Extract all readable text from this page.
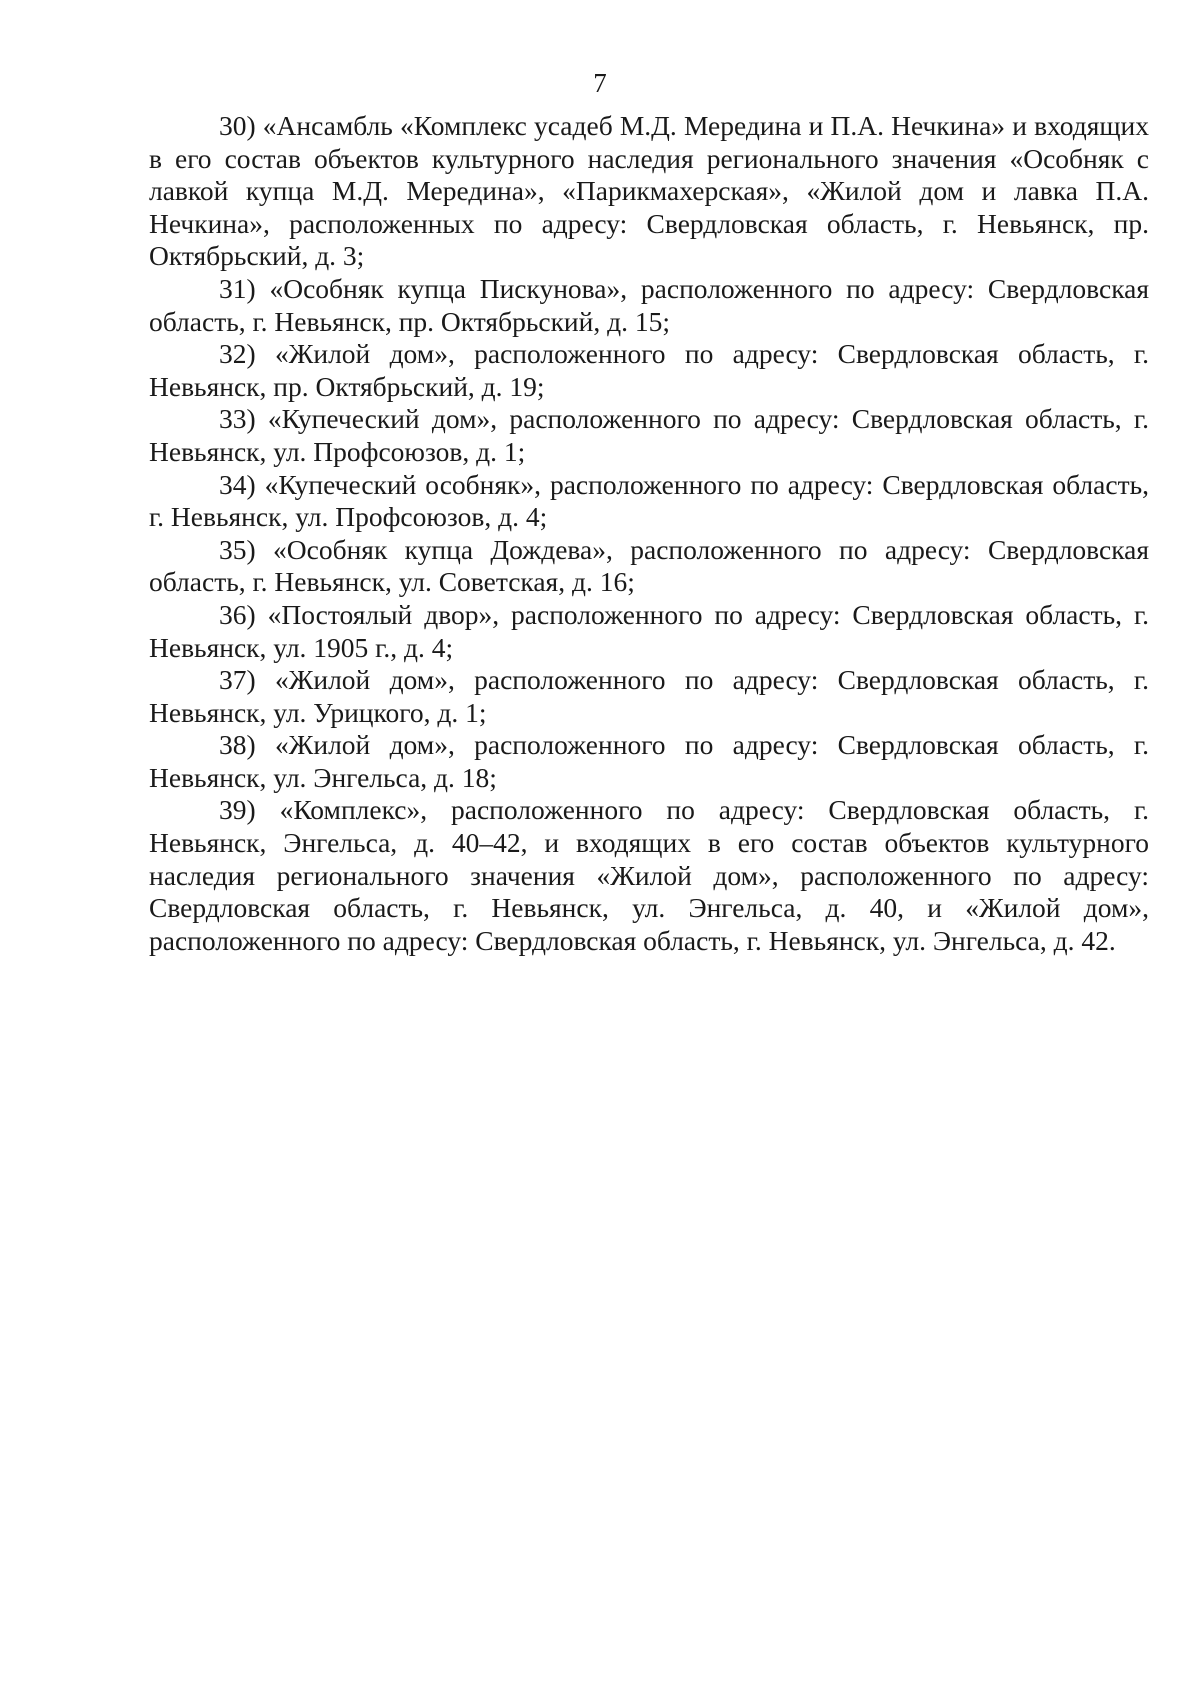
7

30) «Ансамбль «Комплекс усадеб М.Д. Мередина и П.А. Нечкина» и входящих в его состав объектов культурного наследия регионального значения «Особняк с лавкой купца М.Д. Мередина», «Парикмахерская», «Жилой дом и лавка П.А. Нечкина», расположенных по адресу: Свердловская область, г. Невьянск, пр. Октябрьский, д. 3;

31) «Особняк купца Пискунова», расположенного по адресу: Свердловская область, г. Невьянск, пр. Октябрьский, д. 15;

32) «Жилой дом», расположенного по адресу: Свердловская область, г. Невьянск, пр. Октябрьский, д. 19;

33) «Купеческий дом», расположенного по адресу: Свердловская область, г. Невьянск, ул. Профсоюзов, д. 1;

34) «Купеческий особняк», расположенного по адресу: Свердловская область, г. Невьянск, ул. Профсоюзов, д. 4;

35) «Особняк купца Дождева», расположенного по адресу: Свердловская область, г. Невьянск, ул. Советская, д. 16;

36) «Постоялый двор», расположенного по адресу: Свердловская область, г. Невьянск, ул. 1905 г., д. 4;

37) «Жилой дом», расположенного по адресу: Свердловская область, г. Невьянск, ул. Урицкого, д. 1;

38) «Жилой дом», расположенного по адресу: Свердловская область, г. Невьянск, ул. Энгельса, д. 18;

39) «Комплекс», расположенного по адресу: Свердловская область, г. Невьянск, Энгельса, д. 40–42, и входящих в его состав объектов культурного наследия регионального значения «Жилой дом», расположенного по адресу: Свердловская область, г. Невьянск, ул. Энгельса, д. 40, и «Жилой дом», расположенного по адресу: Свердловская область, г. Невьянск, ул. Энгельса, д. 42.
